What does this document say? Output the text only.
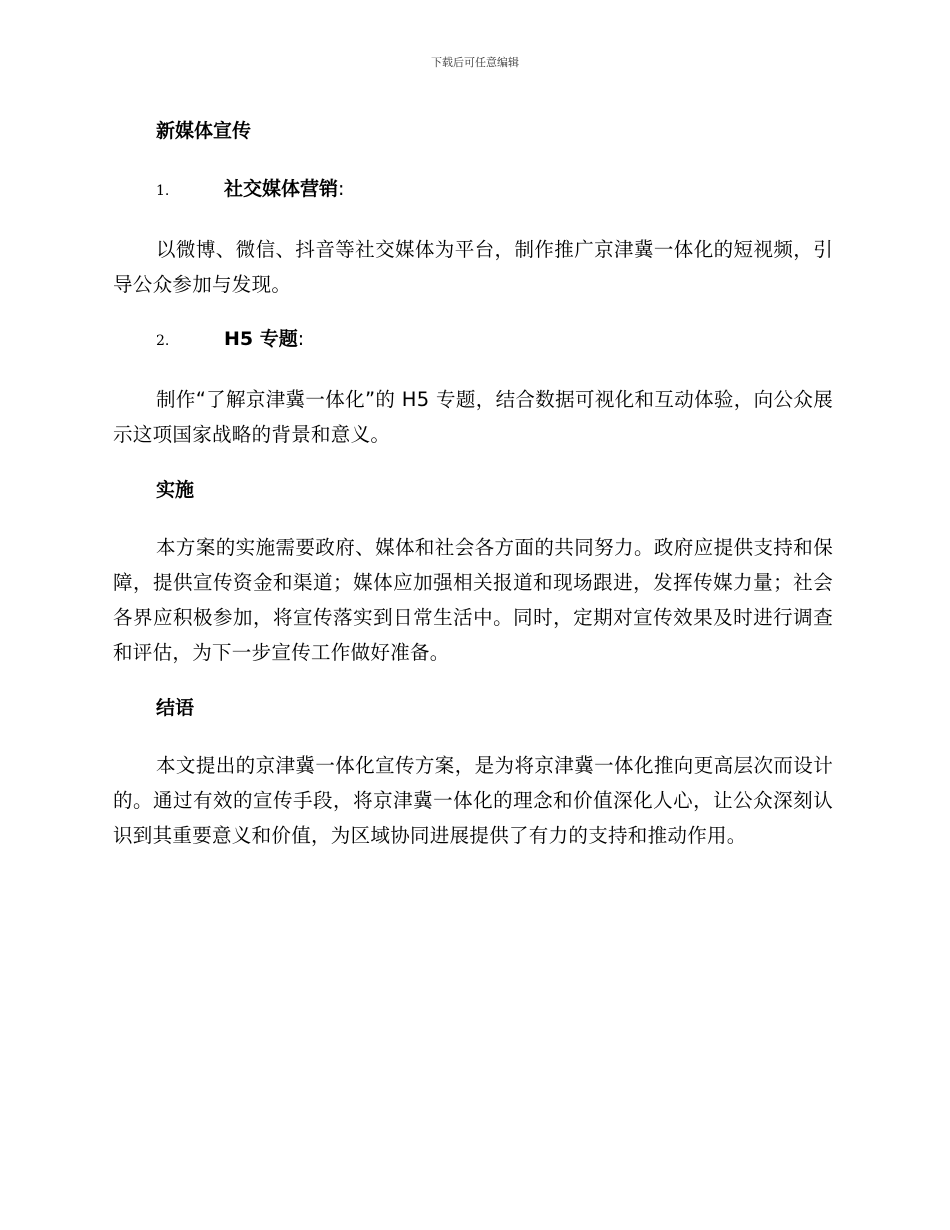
下载后可任意编辑
新媒体宣传
1.	社交媒体营销 :
以微博、微信、抖音等社交媒体为平台，制作推广京津冀一体化的短视频，引导公众参加与发现。
2.	H5 专题 :
制作“了解京津冀一体化”的 H5 专题，结合数据可视化和互动体验，向公众展示这项国家战略的背景和意义。
实施
本方案的实施需要政府、媒体和社会各方面的共同努力。政府应提供支持和保障，提供宣传资金和渠道；媒体应加强相关报道和现场跟进，发挥传媒力量；社会各界应积极参加，将宣传落实到日常生活中。同时，定期对宣传效果及时进行调查和评估，为下一步宣传工作做好准备。
结语
本文提出的京津冀一体化宣传方案，是为将京津冀一体化推向更高层次而设计的。通过有效的宣传手段，将京津冀一体化的理念和价值深化人心，让公众深刻认识到其重要意义和价值，为区域协同进展提供了有力的支持和推动作用。
